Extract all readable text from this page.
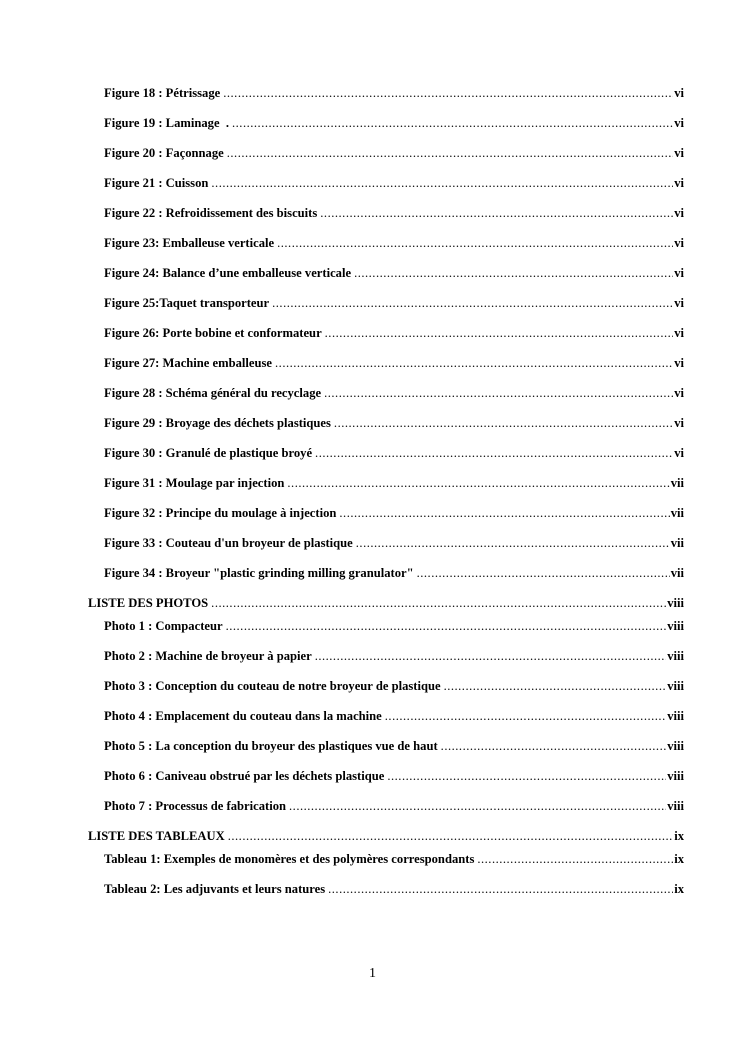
Figure 18 : Pétrissage .....	vi
Figure 19 : Laminage  . .....	vi
Figure 20 : Façonnage .....	vi
Figure 21 : Cuisson .....	vi
Figure 22 : Refroidissement des biscuits .....	vi
Figure 23: Emballeuse verticale .....	vi
Figure 24: Balance d’une emballeuse verticale .....	vi
Figure 25:Taquet transporteur .....	vi
Figure 26: Porte bobine et conformateur .....	vi
Figure 27: Machine emballeuse .....	vi
Figure 28 : Schéma général du recyclage .....	vi
Figure 29 : Broyage des déchets plastiques .....	vi
Figure 30 : Granulé de plastique broyé .....	vi
Figure 31 : Moulage par injection .....	vii
Figure 32 : Principe du moulage à injection .....	vii
Figure 33 : Couteau d'un broyeur de plastique .....	vii
Figure 34 : Broyeur "plastic grinding milling granulator" .....	vii
LISTE DES PHOTOS .....	viii
Photo 1 : Compacteur .....	viii
Photo 2 : Machine de broyeur à papier .....	viii
Photo 3 : Conception du couteau de notre broyeur de plastique .....	viii
Photo 4 : Emplacement du couteau dans la machine .....	viii
Photo 5 : La conception du broyeur des plastiques vue de haut .....	viii
Photo 6 : Caniveau obstrué par les déchets plastique .....	viii
Photo 7 : Processus de fabrication .....	viii
LISTE DES TABLEAUX .....	ix
Tableau 1: Exemples de monomères et des polymères correspondants .....	ix
Tableau 2: Les adjuvants et leurs natures .....	ix
1
